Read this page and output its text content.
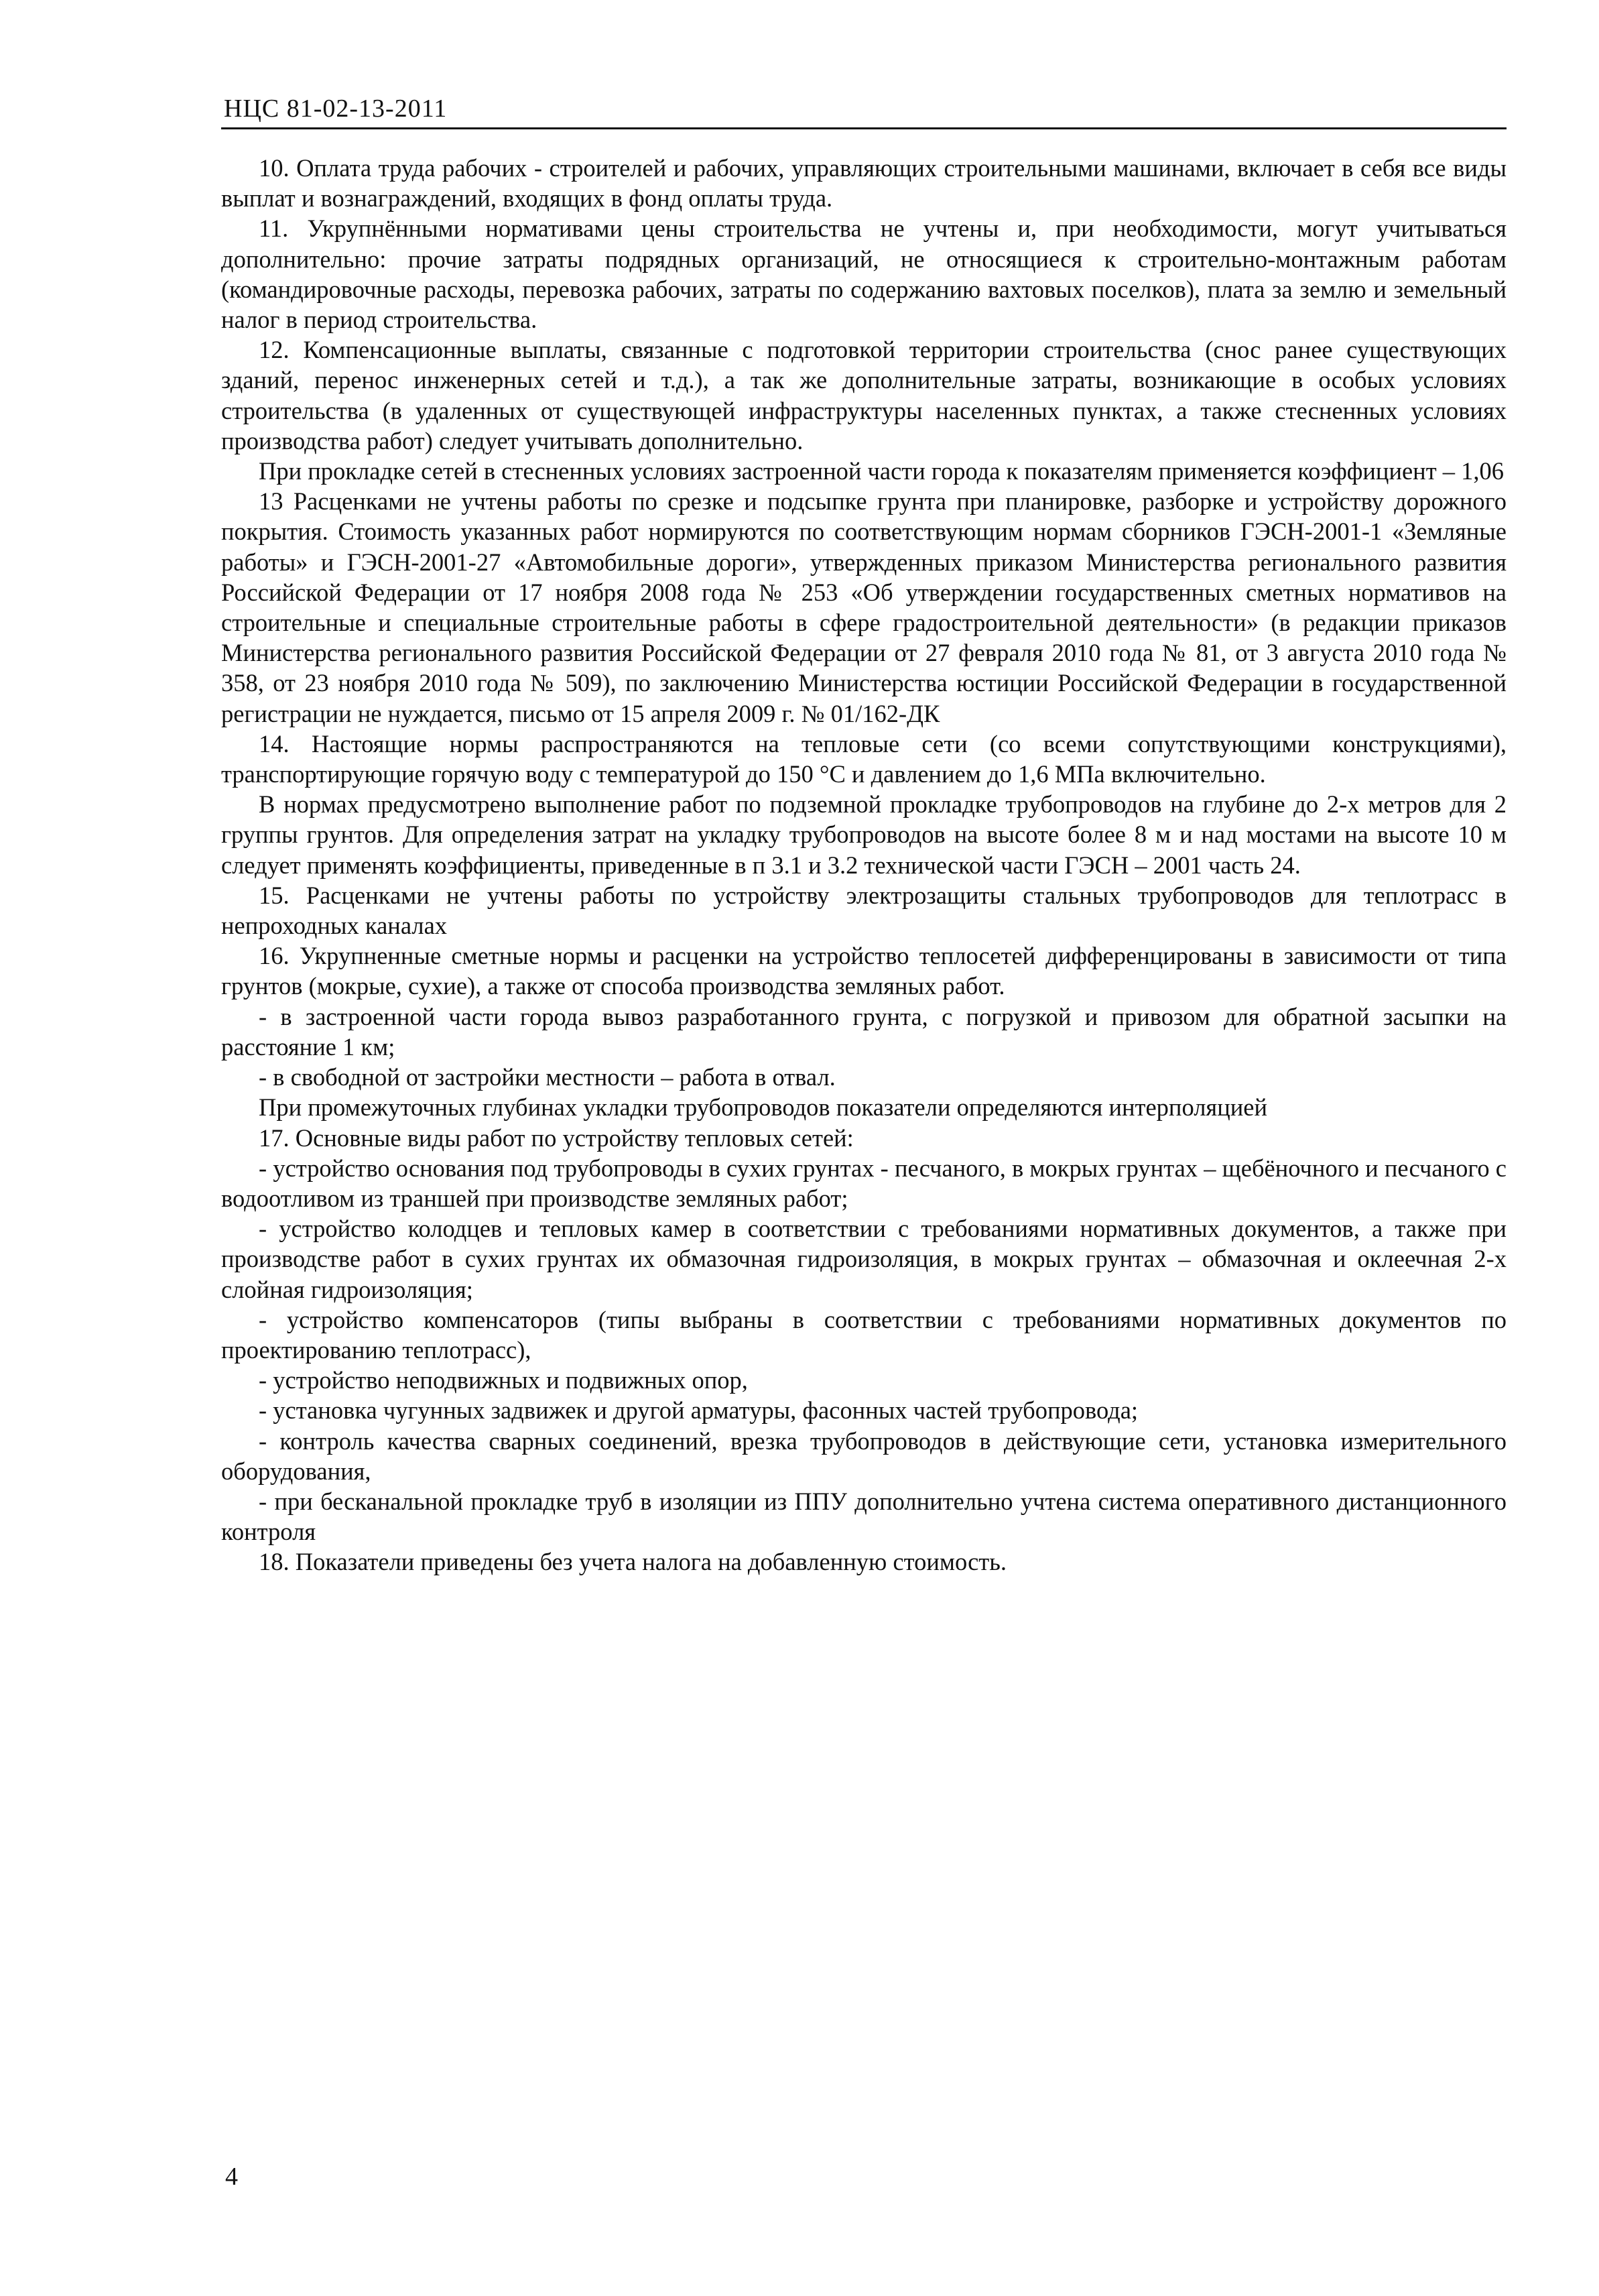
НЦС 81-02-13-2011

10. Оплата труда рабочих - строителей и рабочих, управляющих строительными машинами, включает в себя все виды выплат и вознаграждений, входящих в фонд оплаты труда.

11. Укрупнёнными нормативами цены строительства не учтены и, при необходимости, могут учитываться дополнительно: прочие затраты подрядных организаций, не относящиеся к строительно-монтажным работам (командировочные расходы, перевозка рабочих, затраты по содержанию вахтовых поселков), плата за землю и земельный налог в период строительства.

12. Компенсационные выплаты, связанные с подготовкой территории строительства (снос ранее существующих зданий, перенос инженерных сетей и т.д.), а так же дополнительные затраты, возникающие в особых условиях строительства (в удаленных от существующей инфраструктуры населенных пунктах, а также стесненных условиях производства работ) следует учитывать дополнительно.

При прокладке сетей в стесненных условиях застроенной части города к показателям применяется коэффициент – 1,06

13 Расценками не учтены работы по срезке и подсыпке грунта при планировке, разборке и устройству дорожного покрытия. Стоимость указанных работ нормируются по соответствующим нормам сборников ГЭСН-2001-1 «Земляные работы» и ГЭСН-2001-27 «Автомобильные дороги», утвержденных приказом Министерства регионального развития Российской Федерации от 17 ноября 2008 года № 253 «Об утверждении государственных сметных нормативов на строительные и специальные строительные работы в сфере градостроительной деятельности» (в редакции приказов Министерства регионального развития Российской Федерации от 27 февраля 2010 года № 81, от 3 августа 2010 года № 358, от 23 ноября 2010 года № 509), по заключению Министерства юстиции Российской Федерации в государственной регистрации не нуждается, письмо от 15 апреля 2009 г. № 01/162-ДК

14. Настоящие нормы распространяются на тепловые сети (со всеми сопутствующими конструкциями), транспортирующие горячую воду с температурой до 150 °С и давлением до 1,6 МПа включительно.

В нормах предусмотрено выполнение работ по подземной прокладке трубопроводов на глубине до 2-х метров для 2 группы грунтов. Для определения затрат на укладку трубопроводов на высоте более 8 м и над мостами на высоте 10 м следует применять коэффициенты, приведенные в п 3.1 и 3.2 технической части ГЭСН – 2001 часть 24.

15. Расценками не учтены работы по устройству электрозащиты стальных трубопроводов для теплотрасс в непроходных каналах

16. Укрупненные сметные нормы и расценки на устройство теплосетей дифференцированы в зависимости от типа грунтов (мокрые, сухие), а также от способа производства земляных работ.

- в застроенной части города вывоз разработанного грунта, с погрузкой и привозом для обратной засыпки на расстояние 1 км;

- в свободной от застройки местности – работа в отвал.

При промежуточных глубинах укладки трубопроводов показатели определяются интерполяцией

17. Основные виды работ по устройству тепловых сетей:

- устройство основания под трубопроводы в сухих грунтах - песчаного, в мокрых грунтах – щебёночного и песчаного с водоотливом из траншей при производстве земляных работ;

- устройство колодцев и тепловых камер в соответствии с требованиями нормативных документов, а также при производстве работ в сухих грунтах их обмазочная гидроизоляция, в мокрых грунтах – обмазочная и оклеечная 2-х слойная гидроизоляция;

- устройство компенсаторов (типы выбраны в соответствии с требованиями нормативных документов по проектированию теплотрасс),

- устройство неподвижных и подвижных опор,

- установка чугунных задвижек и другой арматуры, фасонных частей трубопровода;

- контроль качества сварных соединений, врезка трубопроводов в действующие сети, установка измерительного оборудования,

- при бесканальной прокладке труб в изоляции из ППУ дополнительно учтена система оперативного дистанционного контроля

18. Показатели приведены без учета налога на добавленную стоимость.

4
